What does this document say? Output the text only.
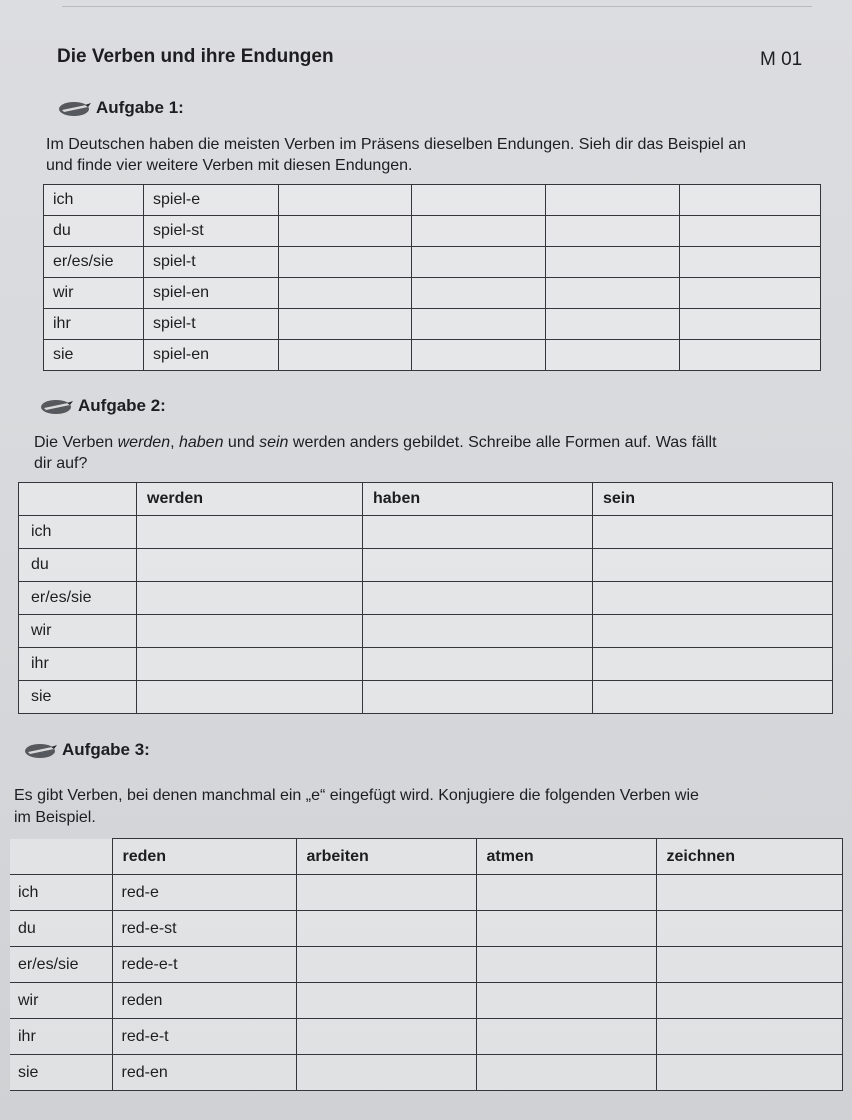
Die Verben und ihre Endungen	M 01
Aufgabe 1:
Im Deutschen haben die meisten Verben im Präsens dieselben Endungen. Sieh dir das Beispiel an
und finde vier weitere Verben mit diesen Endungen.
ich	spiel-e				
du	spiel-st				
er/es/sie	spiel-t				
wir	spiel-en				
ihr	spiel-t				
sie	spiel-en				
Aufgabe 2:
Die Verben werden, haben und sein werden anders gebildet. Schreibe alle Formen auf. Was fällt
dir auf?
	werden	haben	sein
ich			
du			
er/es/sie			
wir			
ihr			
sie			
Aufgabe 3:
Es gibt Verben, bei denen manchmal ein „e“ eingefügt wird. Konjugiere die folgenden Verben wie
im Beispiel.
	reden	arbeiten	atmen	zeichnen
ich	red-e			
du	red-e-st			
er/es/sie	rede-e-t			
wir	reden			
ihr	red-e-t			
sie	red-en			
